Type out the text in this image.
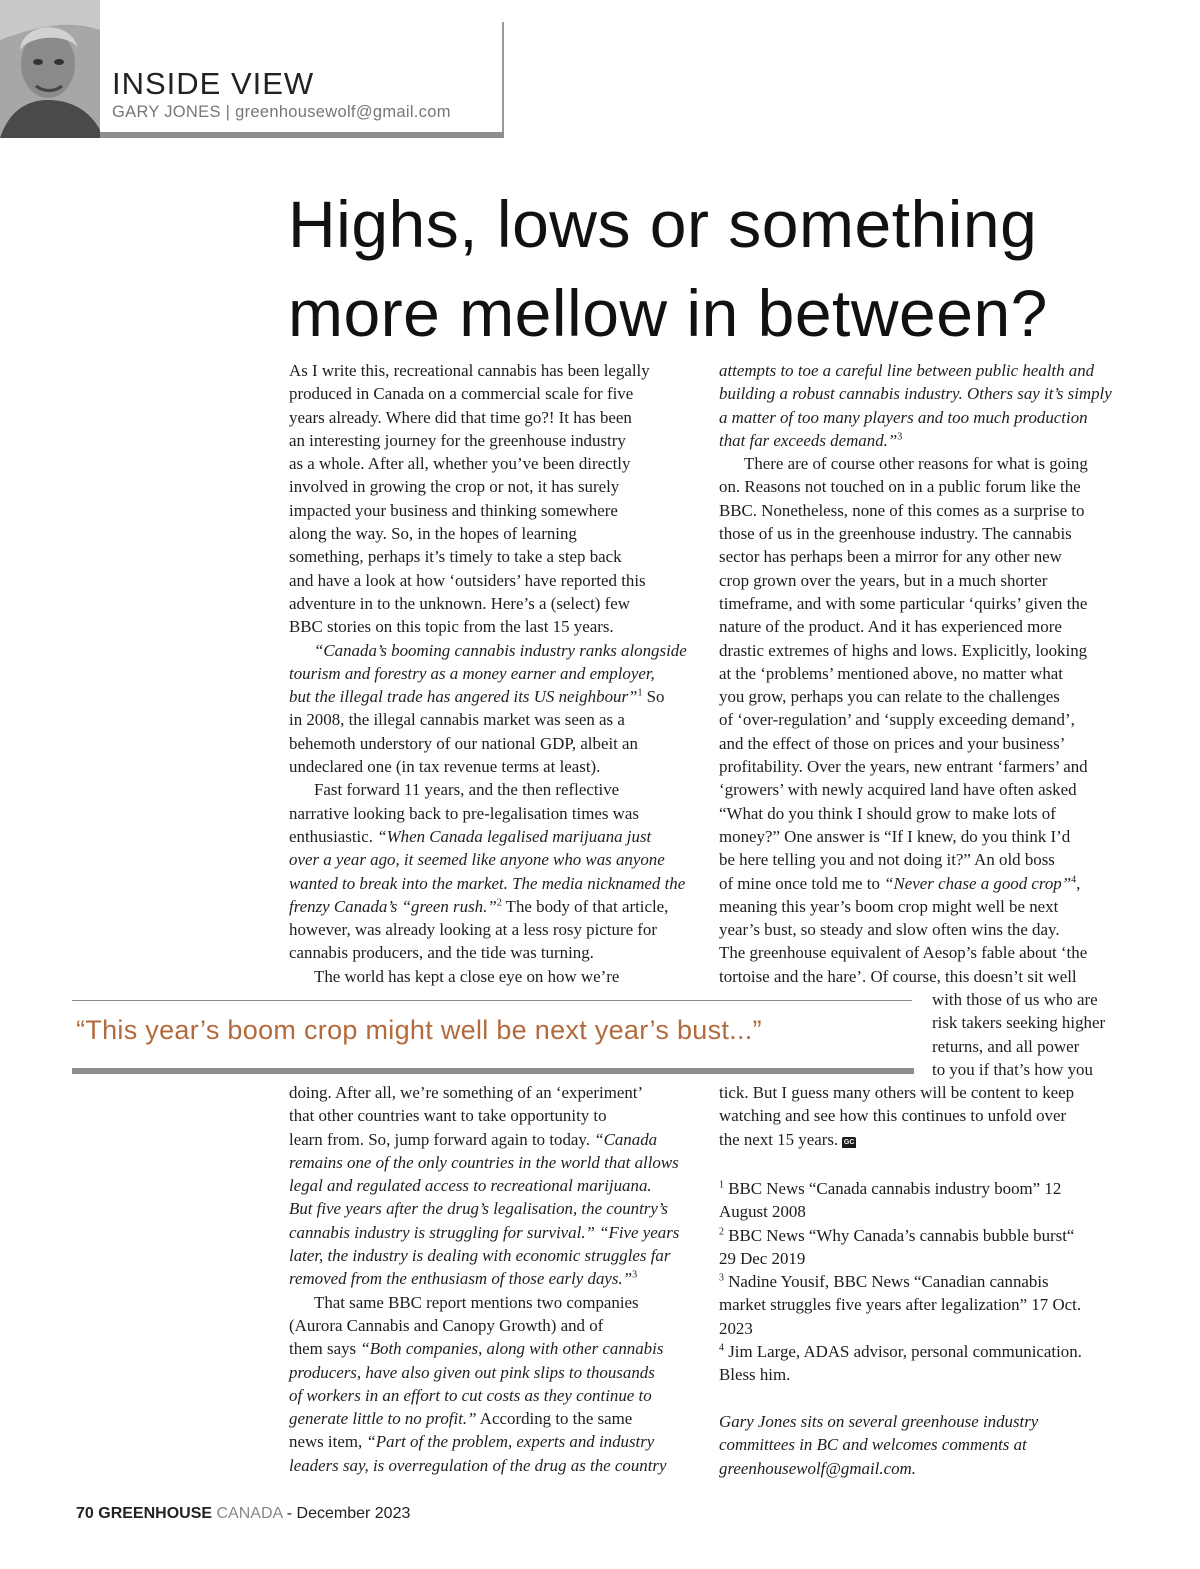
INSIDE VIEW
GARY JONES | greenhousewolf@gmail.com
Highs, lows or something
more mellow in between?

As I write this, recreational cannabis has been legally

produced in Canada on a commercial scale for five

years already. Where did that time go?! It has been

an interesting journey for the greenhouse industry

as a whole. After all, whether you’ve been directly

involved in growing the crop or not, it has surely

impacted your business and thinking somewhere

along the way. So, in the hopes of learning

something, perhaps it’s timely to take a step back

and have a look at how ‘outsiders’ have reported this

adventure in to the unknown. Here’s a (select) few

BBC stories on this topic from the last 15 years.

“Canada’s booming cannabis industry ranks alongside

tourism and forestry as a money earner and employer,

but the illegal trade has angered its US neighbour”$^1$ So

in 2008, the illegal cannabis market was seen as a

behemoth understory of our national GDP, albeit an

undeclared one (in tax revenue terms at least).

Fast forward 11 years, and the then reflective

narrative looking back to pre-legalisation times was

enthusiastic. “When Canada legalised marijuana just

over a year ago, it seemed like anyone who was anyone

wanted to break into the market. The media nicknamed the

frenzy Canada’s “green rush.”$^2$ The body of that article,

however, was already looking at a less rosy picture for

cannabis producers, and the tide was turning.

The world has kept a close eye on how we’re

attempts to toe a careful line between public health and

building a robust cannabis industry. Others say it’s simply

a matter of too many players and too much production

that far exceeds demand.”$^3$

There are of course other reasons for what is going

on. Reasons not touched on in a public forum like the

BBC. Nonetheless, none of this comes as a surprise to

those of us in the greenhouse industry. The cannabis

sector has perhaps been a mirror for any other new

crop grown over the years, but in a much shorter

timeframe, and with some particular ‘quirks’ given the

nature of the product. And it has experienced more

drastic extremes of highs and lows. Explicitly, looking

at the ‘problems’ mentioned above, no matter what

you grow, perhaps you can relate to the challenges

of ‘over-regulation’ and ‘supply exceeding demand’,

and the effect of those on prices and your business’

profitability. Over the years, new entrant ‘farmers’ and

‘growers’ with newly acquired land have often asked

“What do you think I should grow to make lots of

money?” One answer is “If I knew, do you think I’d

be here telling you and not doing it?” An old boss

of mine once told me to “Never chase a good crop”$^4$,

meaning this year’s boom crop might well be next

year’s bust, so steady and slow often wins the day.

The greenhouse equivalent of Aesop’s fable about ‘the

tortoise and the hare’. Of course, this doesn’t sit well

with those of us who are

risk takers seeking higher

returns, and all power

to you if that’s how you

“This year’s boom crop might well be next year’s bust...”

doing. After all, we’re something of an ‘experiment’

that other countries want to take opportunity to

learn from. So, jump forward again to today. “Canada

remains one of the only countries in the world that allows

legal and regulated access to recreational marijuana.

But five years after the drug’s legalisation, the country’s

cannabis industry is struggling for survival.” “Five years

later, the industry is dealing with economic struggles far

removed from the enthusiasm of those early days.”$^3$

That same BBC report mentions two companies

(Aurora Cannabis and Canopy Growth) and of

them says “Both companies, along with other cannabis

producers, have also given out pink slips to thousands

of workers in an effort to cut costs as they continue to

generate little to no profit.” According to the same

news item, “Part of the problem, experts and industry

leaders say, is overregulation of the drug as the country

tick. But I guess many others will be content to keep

watching and see how this continues to unfold over

the next 15 years. GC

$^1$ BBC News “Canada cannabis industry boom” 12

August 2008

$^2$ BBC News “Why Canada’s cannabis bubble burst“

29 Dec 2019

$^3$ Nadine Yousif, BBC News “Canadian cannabis

market struggles five years after legalization” 17 Oct.

2023

$^4$ Jim Large, ADAS advisor, personal communication.

Bless him.

Gary Jones sits on several greenhouse industry

committees in BC and welcomes comments at

greenhousewolf@gmail.com.

70 GREENHOUSE CANADA - December 2023
